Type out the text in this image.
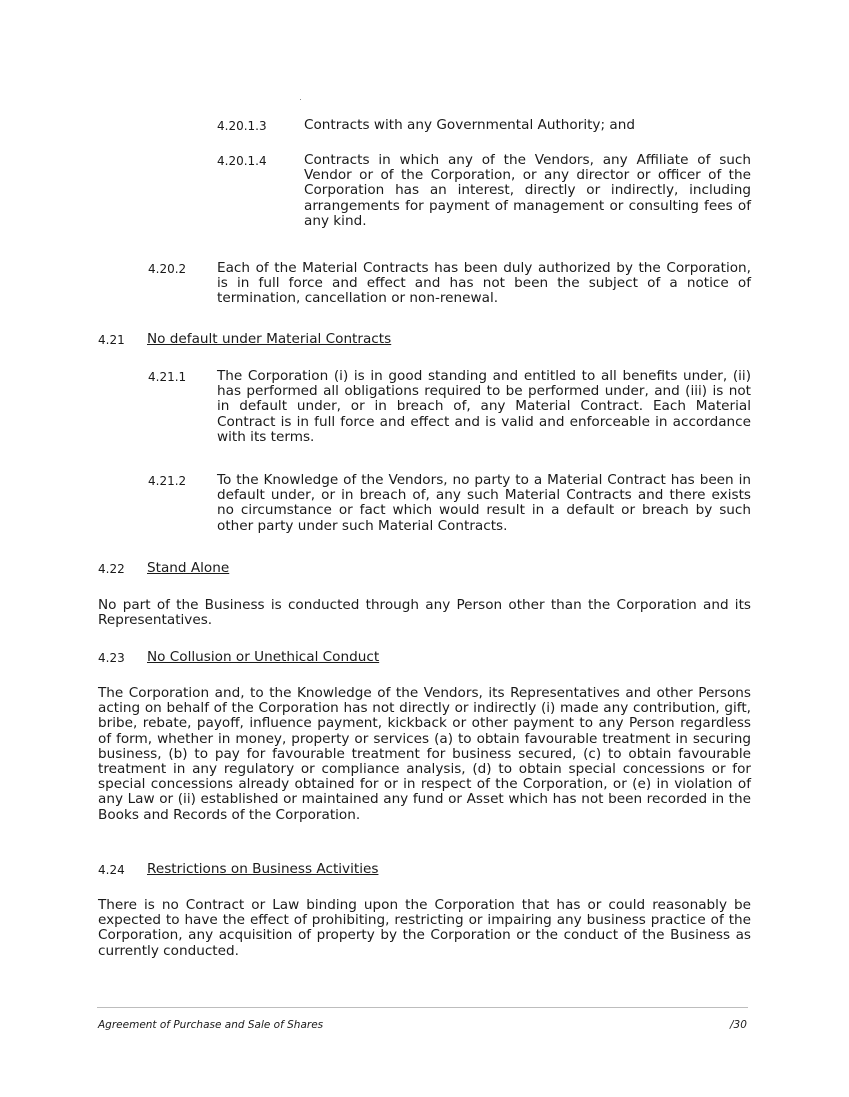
4.20.1.3	Contracts with any Governmental Authority; and
4.20.1.4	Contracts in which any of the Vendors, any Affiliate of such Vendor or of the Corporation, or any director or officer of the Corporation has an interest, directly or indirectly, including arrangements for payment of management or consulting fees of any kind.
4.20.2 Each of the Material Contracts has been duly authorized by the Corporation, is in full force and effect and has not been the subject of a notice of termination, cancellation or non-renewal.
4.21 No default under Material Contracts
4.21.1 The Corporation (i) is in good standing and entitled to all benefits under, (ii) has performed all obligations required to be performed under, and (iii) is not in default under, or in breach of, any Material Contract. Each Material Contract is in full force and effect and is valid and enforceable in accordance with its terms.
4.21.2 To the Knowledge of the Vendors, no party to a Material Contract has been in default under, or in breach of, any such Material Contracts and there exists no circumstance or fact which would result in a default or breach by such other party under such Material Contracts.
4.22 Stand Alone
No part of the Business is conducted through any Person other than the Corporation and its Representatives.
4.23 No Collusion or Unethical Conduct
The Corporation and, to the Knowledge of the Vendors, its Representatives and other Persons acting on behalf of the Corporation has not directly or indirectly (i) made any contribution, gift, bribe, rebate, payoff, influence payment, kickback or other payment to any Person regardless of form, whether in money, property or services (a) to obtain favourable treatment in securing business, (b) to pay for favourable treatment for business secured, (c) to obtain favourable treatment in any regulatory or compliance analysis, (d) to obtain special concessions or for special concessions already obtained for or in respect of the Corporation, or (e) in violation of any Law or (ii) established or maintained any fund or Asset which has not been recorded in the Books and Records of the Corporation.
4.24 Restrictions on Business Activities
There is no Contract or Law binding upon the Corporation that has or could reasonably be expected to have the effect of prohibiting, restricting or impairing any business practice of the Corporation, any acquisition of property by the Corporation or the conduct of the Business as currently conducted.
Agreement of Purchase and Sale of Shares	/30
